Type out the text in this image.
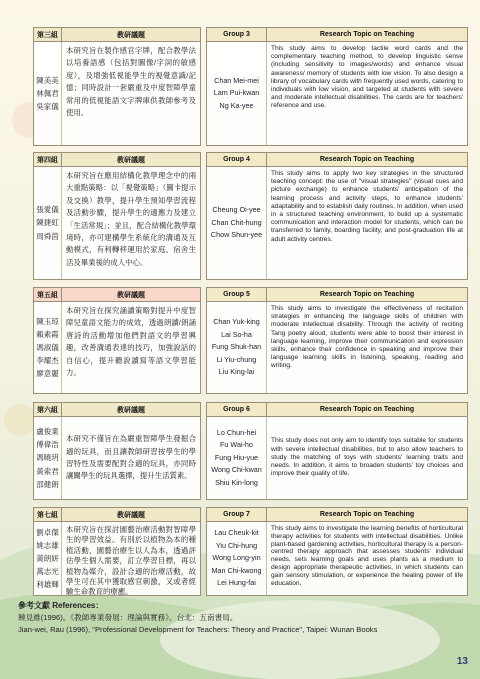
第三組	教研議題
陳美美
林佩君
吳家儀
本研究旨在製作感官字牌，配合教學法以培養語感（包括對圖像/字詞的敏感度），及增強低視能學生的視覺意識/記憶；同時設計一套嚴重及中度智障學童常用的低視能語文字牌庫供教師參考及使用。
Group 3	Research Topic on Teaching
Chan Mei-mei
Lam Pui-kwan
Ng Ka-yee
This study aims to develop tactile word cards and the complementary teaching method, to develop linguistic sense (including sensitivity to images/words) and enhance visual awareness/ memory of students with low vision. To also design a library of vocabulary cards with frequently used words, catering to individuals with low vision, and targeted at students with severe and moderate intellectual disabilities. The cards are for teachers' reference and use.
第四組	教研議題
張愛儀
陳捷虹
周舜茵
本研究旨在應用結構化教學理念中的兩大重點策略：以「視覺策略」（圖卡提示及交換）教學，提升學生預知學習流程及活動步驟，提升學生的適應力及建立「生活常規」；並且，配合結構化教學環境時，亦可建構學生系統化的溝通及互動模式，有利轉移運用於家庭、宿舍生活及畢業後的成人中心。
Group 4	Research Topic on Teaching
Cheung Oi-yee
Chan Chit-hung
Chow Shun-yee
This study aims to apply two key strategies in the structured teaching concept: the use of "visual strategies" (visual cues and picture exchange) to enhance students' anticipation of the learning process and activity steps, to enhance students' adaptability and to establish daily routines. In addition, when used in a structured teaching environment, to build up a systematic communication and interaction model for students, which can be transferred to family, boarding facility, and post-graduation life at adult activity centres.
第五組	教研議題
陳玉琼
賴素霞
馮淑儀
李耀杰
廖意麗
本研究旨在探究誦讀策略對提升中度智障兒童語文能力的成效，透過朗讀/朗誦唐詩的活動增加他們對語文的學習興趣，改善溝通表達的技巧，加強說話的自信心，提升聽說讀寫等語文學習能力。
Group 5	Research Topic on Teaching
Chan Yuk-king
Lai So-ha
Fung Shuk-han
Li Yiu-chung
Liu King-lai
This study aims to investigate the effectiveness of recitation strategies in enhancing the language skills of children with moderate intellectual disability. Through the activity of reciting Tang poetry aloud, students were able to boost their interest in language learning, improve their communication and expression skills, enhance their confidence in speaking and improve their language learning skills in listening, speaking, reading and writing.
第六組	教研議題
盧俊業
傅偉浩
馮曉玥
黃索君
邵健朗
本研究不僅旨在為嚴重智障學生發掘合適的玩具，而且讓教師研習按學生的學習特性及需要配對合適的玩具，亦同時讓關學生的玩具選擇，提升生活質素。
Group 6	Research Topic on Teaching
Lo Chun-hei
Fu Wai-ho
Fung Hiu-yue
Wong Chi-kwan
Shiu Kin-long
This study does not only aim to identify toys suitable for students with severe intellectual disabilities, but to also allow teachers to study the matching of toys with students' learning traits and needs. In addition, it aims to broaden students' toy choices and improve their quality of life.
第七組	教研議題
劉卓傑
姚志雄
黃朗妍
萬志光
利雄輝
本研究旨在探討園藝治療活動對智障學生的學習效益。有別於以植物為本的種植活動，園藝治療生以人為本，透過評估學生個人需要，訂立學習目標，再以植物為媒介，設計合適的治療活動，故學生可在其中獲取感官刺激，又或者經驗生命教育的療癒。
Group 7	Research Topic on Teaching
Lau Cheuk-kit
Yiu Chi-hung
Wong Long-yin
Man Chi-kwong
Lei Hung-fai
This study aims to investigate the learning benefits of horticultural therapy activities for students with intellectual disabilities. Unlike plant-based gardening activities, horticultural therapy is a person-centred therapy approach that assesses students' individual needs, sets learning goals and uses plants as a medium to design appropriate therapeutic activities, in which students can gain sensory stimulation, or experience the healing power of life education.
參考文獻 References：
饒見維(1996)。《教師專業發展：理論與實務》。台北：五南書局。
Jian-wei, Rau (1996), "Professional Development for Teachers: Theory and Practice", Taipei: Wunan Books
13
